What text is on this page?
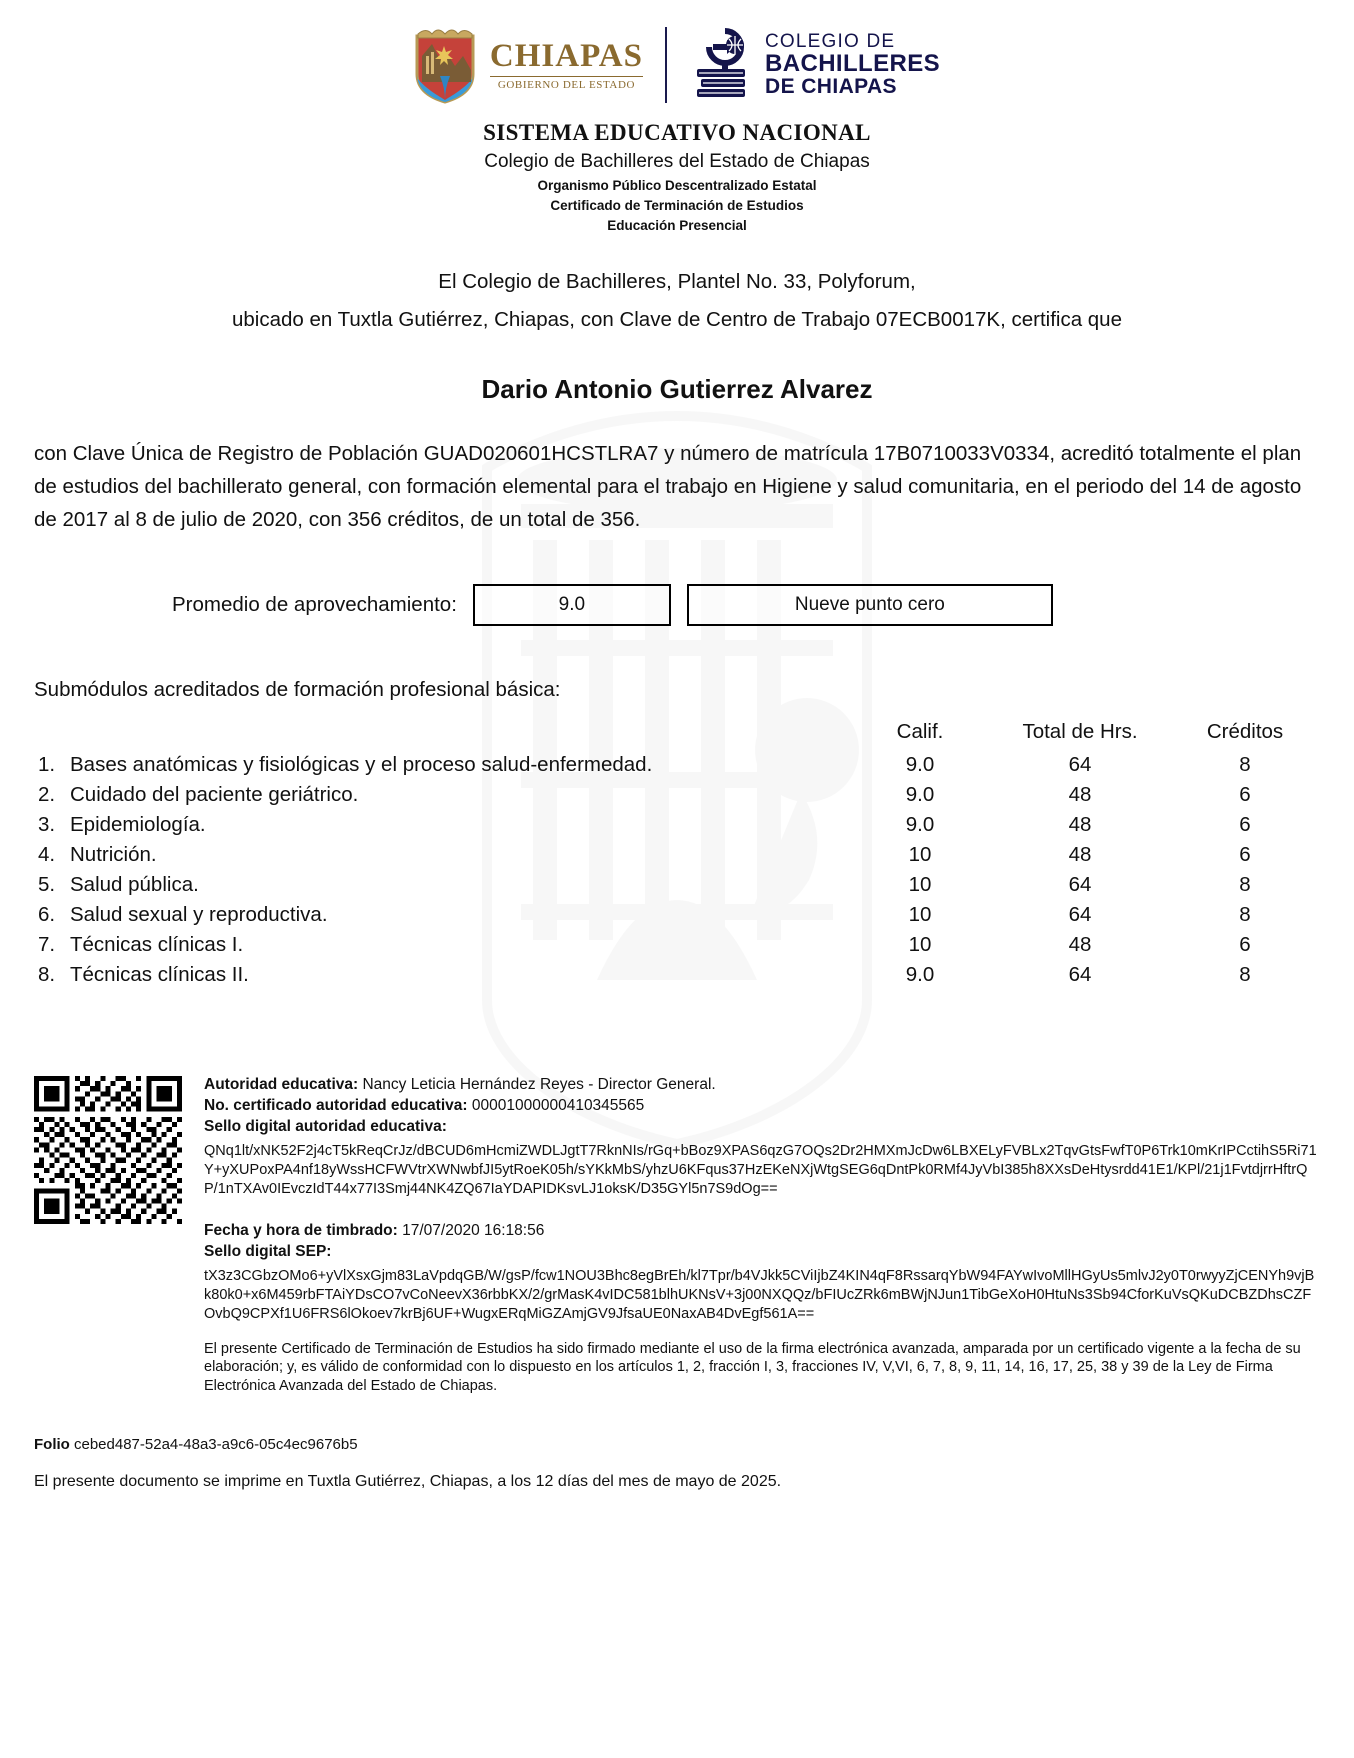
CHIAPAS
GOBIERNO DEL ESTADO
COLEGIO DE
BACHILLERES
DE CHIAPAS
SISTEMA EDUCATIVO NACIONAL
Colegio de Bachilleres del Estado de Chiapas
Organismo Público Descentralizado Estatal
Certificado de Terminación de Estudios
Educación Presencial
El Colegio de Bachilleres, Plantel No. 33, Polyforum,
ubicado en Tuxtla Gutiérrez, Chiapas, con Clave de Centro de Trabajo 07ECB0017K, certifica que
Dario Antonio Gutierrez Alvarez
con Clave Única de Registro de Población GUAD020601HCSTLRA7 y número de matrícula 17B0710033V0334, acreditó totalmente el plan de estudios del bachillerato general, con formación elemental para el trabajo en Higiene y salud comunitaria, en el periodo del 14 de agosto de 2017 al 8 de julio de 2020, con 356 créditos, de un total de 356.
Promedio de aprovechamiento:	9.0	Nueve punto cero
Submódulos acreditados de formación profesional básica:
		Calif.	Total de Hrs.	Créditos
1.	Bases anatómicas y fisiológicas y el proceso salud-enfermedad.	9.0	64	8
2.	Cuidado del paciente geriátrico.	9.0	48	6
3.	Epidemiología.	9.0	48	6
4.	Nutrición.	10	48	6
5.	Salud pública.	10	64	8
6.	Salud sexual y reproductiva.	10	64	8
7.	Técnicas clínicas I.	10	48	6
8.	Técnicas clínicas II.	9.0	64	8
Autoridad educativa: Nancy Leticia Hernández Reyes - Director General.
No. certificado autoridad educativa: 00001000000410345565
Sello digital autoridad educativa:
QNq1lt/xNK52F2j4cT5kReqCrJz/dBCUD6mHcmiZWDLJgtT7RknNIs/rGq+bBoz9XPAS6qzG7OQs2Dr2HMXmJcDw6LBXELyFVBLx2TqvGtsFwfT0P6Trk10mKrIPCctihS5Ri71Y+yXUPoxPA4nf18yWssHCFWVtrXWNwbfJI5ytRoeK05h/sYKkMbS/yhzU6KFqus37HzEKeNXjWtgSEG6qDntPk0RMf4JyVbI385h8XXsDeHtysrdd41E1/KPl/21j1FvtdjrrHftrQP/1nTXAv0IEvczIdT44x77I3Smj44NK4ZQ67IaYDAPIDKsvLJ1oksK/D35GYl5n7S9dOg==
Fecha y hora de timbrado: 17/07/2020 16:18:56
Sello digital SEP:
tX3z3CGbzOMo6+yVlXsxGjm83LaVpdqGB/W/gsP/fcw1NOU3Bhc8egBrEh/kl7Tpr/b4VJkk5CViIjbZ4KIN4qF8RssarqYbW94FAYwIvoMllHGyUs5mlvJ2y0T0rwyyZjCENYh9vjBk80k0+x6M459rbFTAiYDsCO7vCoNeevX36rbbKX/2/grMasK4vIDC581blhUKNsV+3j00NXQQz/bFIUcZRk6mBWjNJun1TibGeXoH0HtuNs3Sb94CforKuVsQKuDCBZDhsCZFOvbQ9CPXf1U6FRS6lOkoev7krBj6UF+WugxERqMiGZAmjGV9JfsaUE0NaxAB4DvEgf561A==
El presente Certificado de Terminación de Estudios ha sido firmado mediante el uso de la firma electrónica avanzada, amparada por un certificado vigente a la fecha de su elaboración; y, es válido de conformidad con lo dispuesto en los artículos 1, 2, fracción I, 3, fracciones IV, V,VI, 6, 7, 8, 9, 11, 14, 16, 17, 25, 38 y 39 de la Ley de Firma Electrónica Avanzada del Estado de Chiapas.
Folio cebed487-52a4-48a3-a9c6-05c4ec9676b5
El presente documento se imprime en Tuxtla Gutiérrez, Chiapas, a los 12 días del mes de mayo de 2025.
